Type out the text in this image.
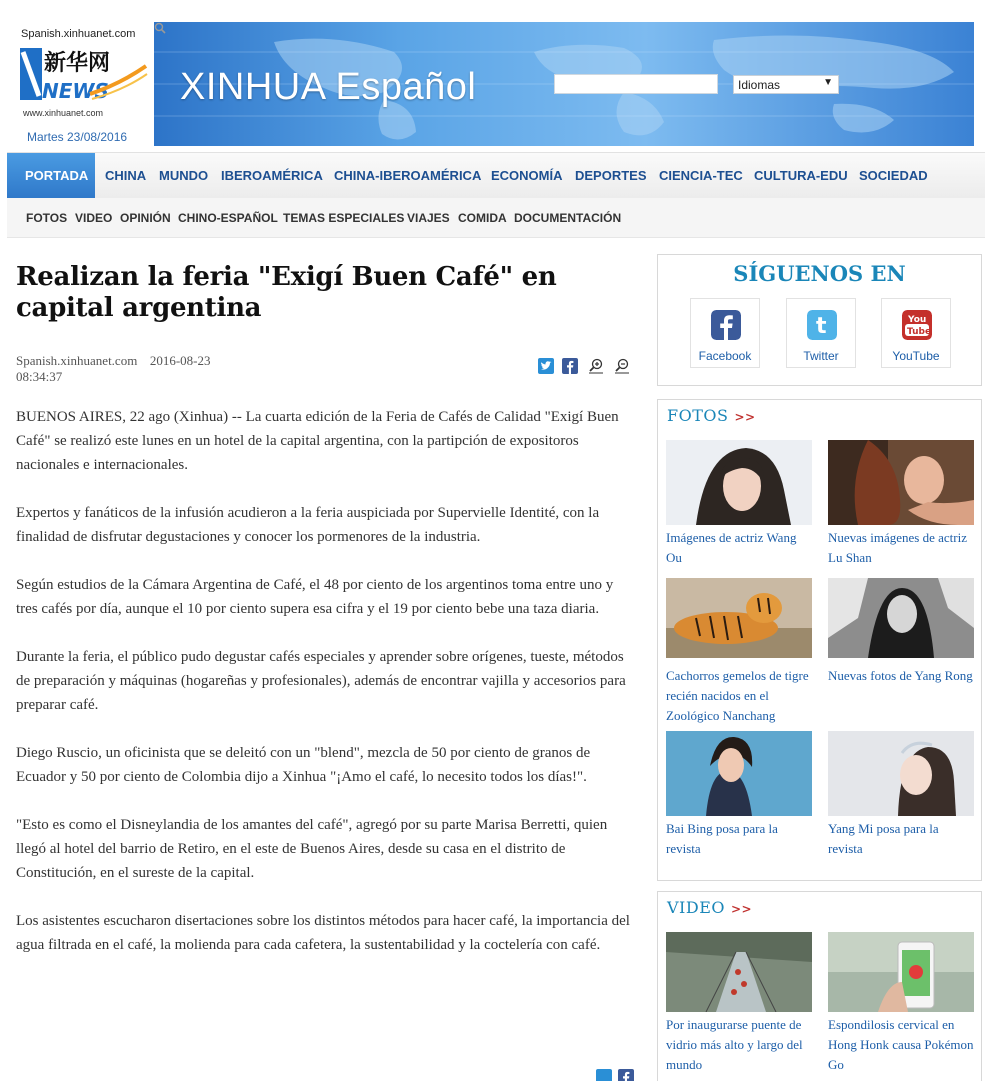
Spanish.xinhuanet.com
新华网
NEWS
www.xinhuanet.com
Martes 23/08/2016
XINHUA Español	Idiomas	▼
PORTADA	CHINA MUNDO IBEROAMÉRICA CHINA-IBEROAMÉRICA ECONOMÍA DEPORTES CIENCIA-TEC CULTURA-EDU SOCIEDAD
FOTOS VIDEO OPINIÓN CHINO-ESPAÑOL TEMAS ESPECIALES VIAJES COMIDA DOCUMENTACIÓN
Realizan la feria "Exigí Buen Café" en capital argentina
Spanish.xinhuanet.com 2016-08-23 08:34:37

BUENOS AIRES, 22 ago (Xinhua) -- La cuarta edición de la Feria de Cafés de Calidad "Exigí Buen Café" se realizó este lunes en un hotel de la capital argentina, con la partipción de expositoros nacionales e internacionales.

Expertos y fanáticos de la infusión acudieron a la feria auspiciada por Supervielle Identité, con la finalidad de disfrutar degustaciones y conocer los pormenores de la industria.

Según estudios de la Cámara Argentina de Café, el 48 por ciento de los argentinos toma entre uno y tres cafés por día, aunque el 10 por ciento supera esa cifra y el 19 por ciento bebe una taza diaria.

Durante la feria, el público pudo degustar cafés especiales y aprender sobre orígenes, tueste, métodos de preparación y máquinas (hogareñas y profesionales), además de encontrar vajilla y accesorios para preparar café.

Diego Ruscio, un oficinista que se deleitó con un "blend", mezcla de 50 por ciento de granos de Ecuador y 50 por ciento de Colombia dijo a Xinhua "¡Amo el café, lo necesito todos los días!".

"Esto es como el Disneylandia de los amantes del café", agregó por su parte Marisa Berretti, quien llegó al hotel del barrio de Retiro, en el este de Buenos Aires, desde su casa en el distrito de Constitución, en el sureste de la capital.

Los asistentes escucharon disertaciones sobre los distintos métodos para hacer café, la importancia del agua filtrada en el café, la molienda para cada cafetera, la sustentabilidad y la coctelería con café.

SÍGUENOS EN
Facebook
t
Twitter
You
Tube
YouTube
FOTOS >>
Imágenes de actriz Wang Ou
Nuevas imágenes de actriz Lu Shan
Cachorros gemelos de tigre recién nacidos en el Zoológico Nanchang
Nuevas fotos de Yang Rong
Bai Bing posa para la revista
Yang Mi posa para la revista
VIDEO >>
Por inaugurarse puente de vidrio más alto y largo del mundo
Espondilosis cervical en Hong Honk causa Pokémon Go
